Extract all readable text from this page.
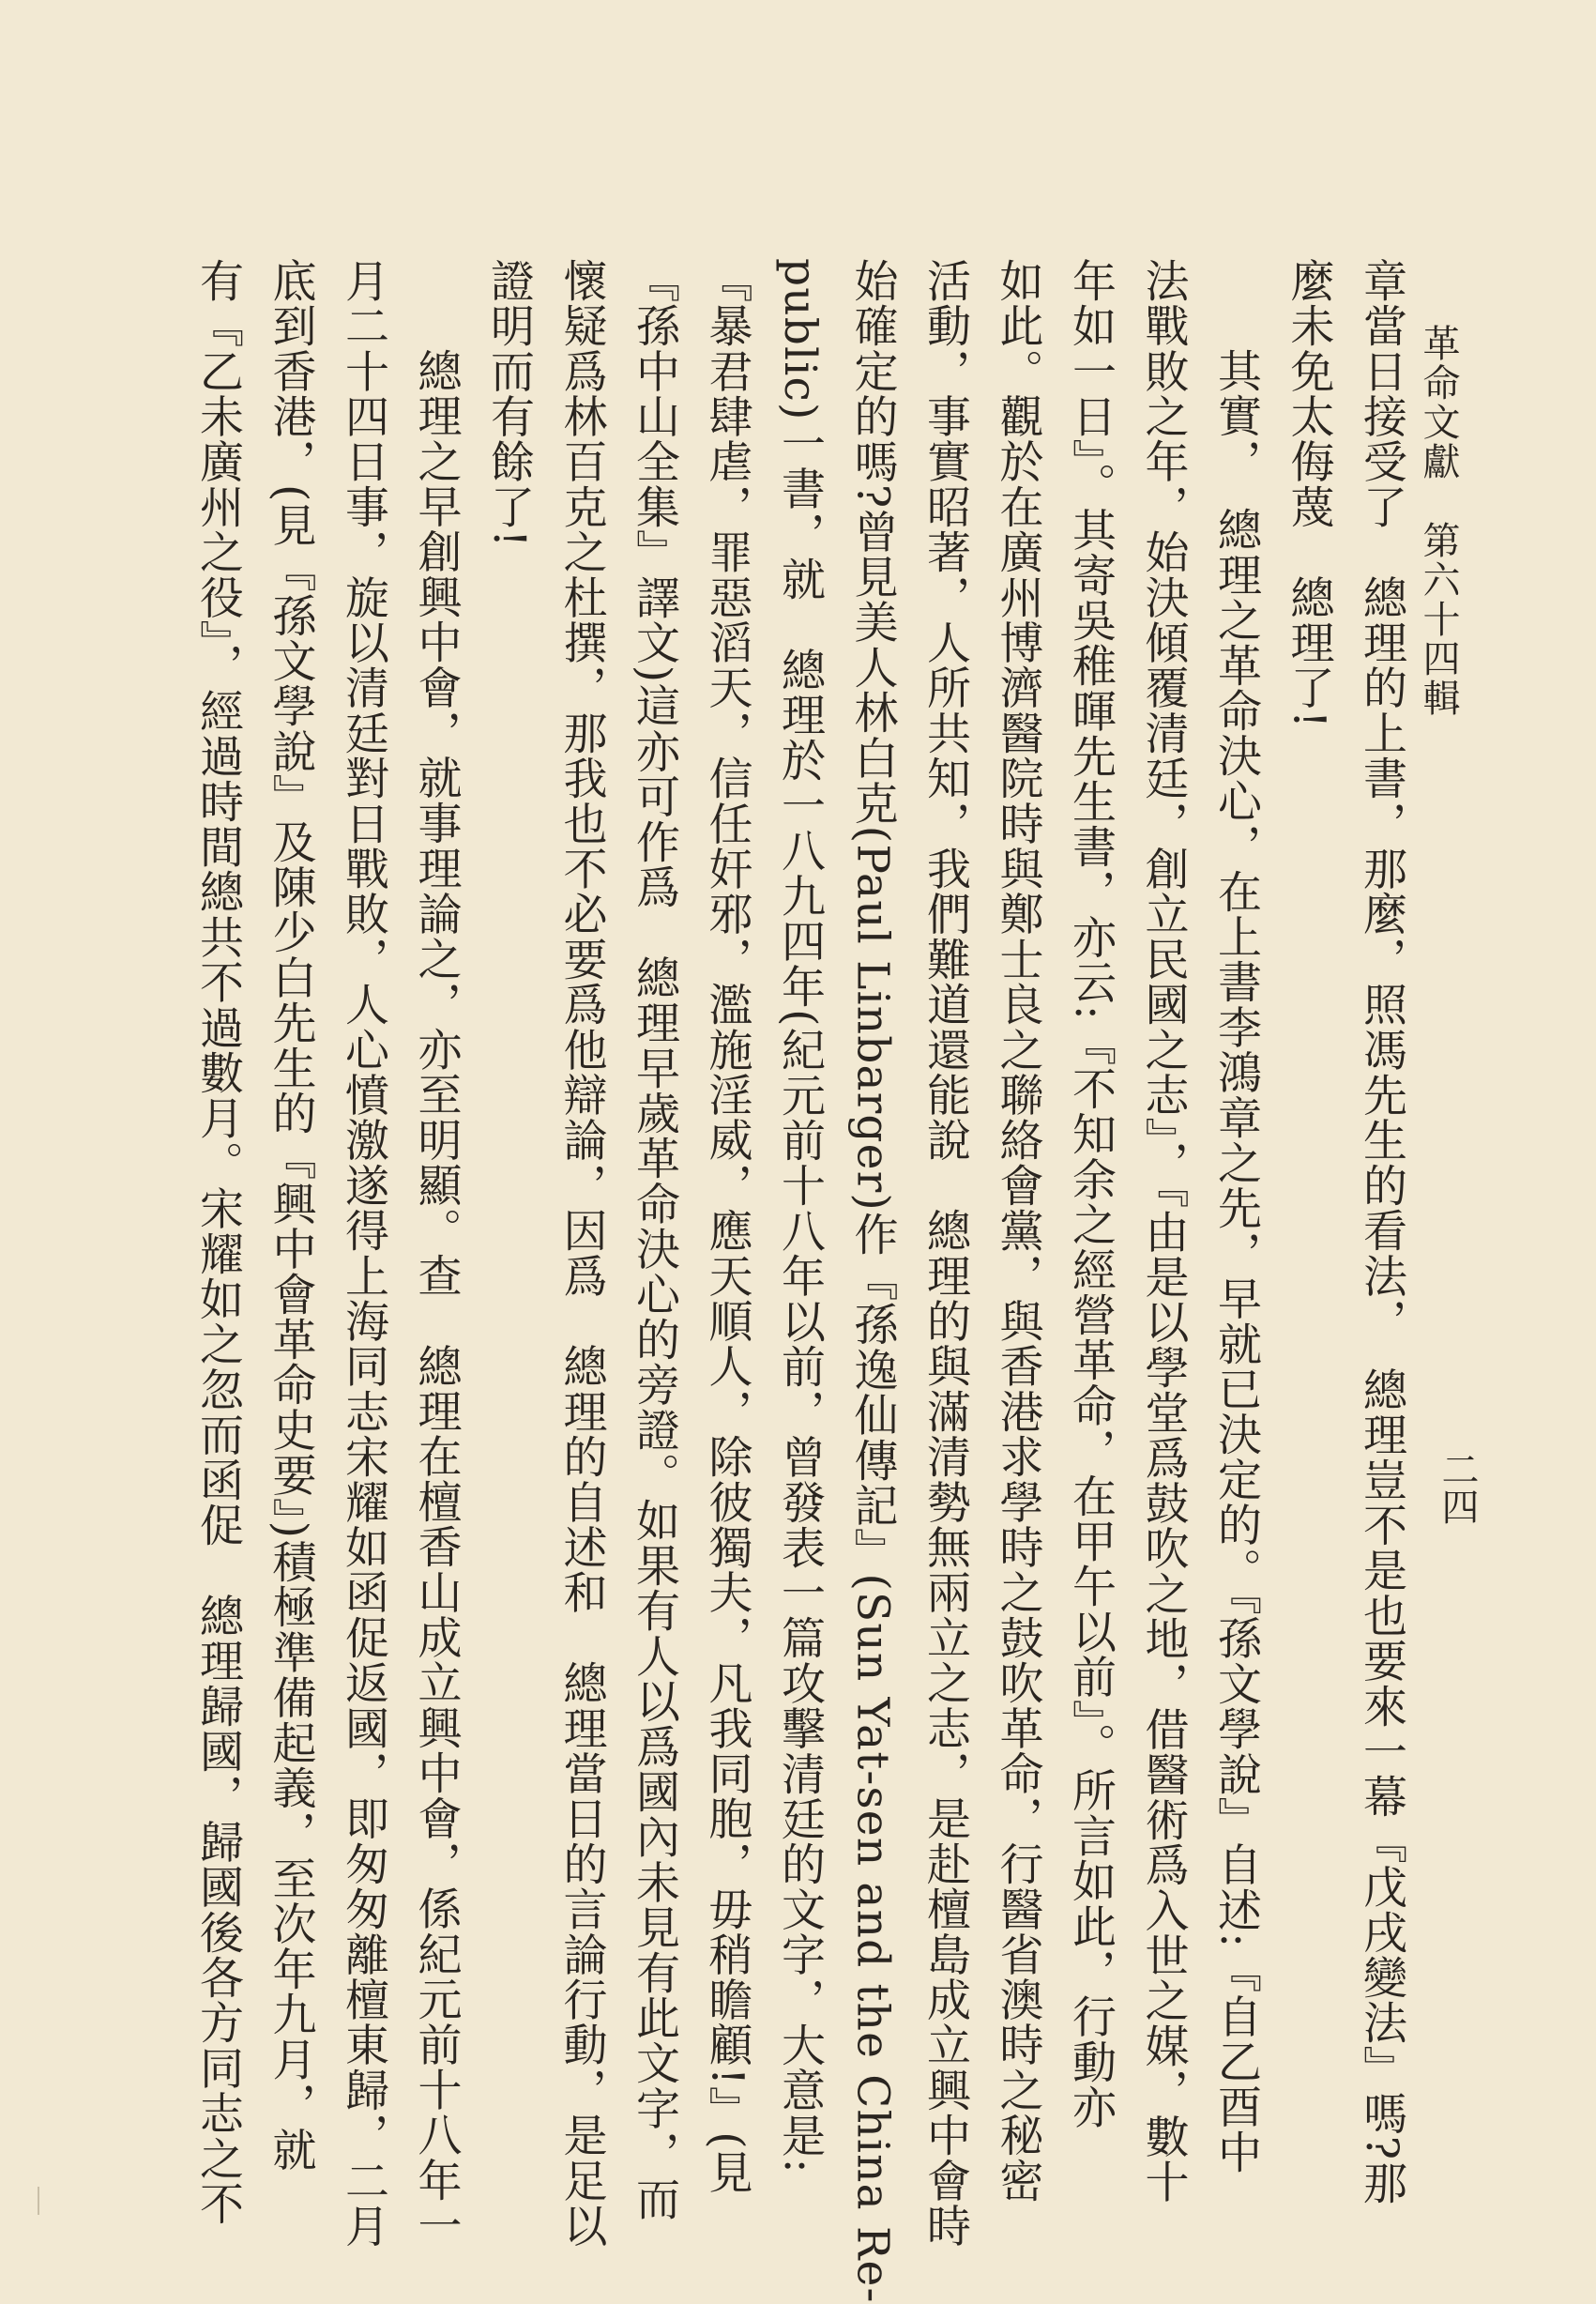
革命文獻　第六十四輯
二四

章當日接受了　總理的上書，那麼，照馮先生的看法，　總理豈不是也要來一幕『戊戌變法』嗎?那

麼未免太侮蔑　總理了!

其實，　總理之革命決心，在上書李鴻章之先，早就已決定的。『孫文學說』自述:『自乙酉中

法戰敗之年，始決傾覆清廷，創立民國之志』，『由是以學堂爲鼓吹之地，借醫術爲入世之媒，數十

年如一日』。其寄吳稚暉先生書，亦云:『不知余之經營革命，在甲午以前』。所言如此，行動亦

如此。觀於在廣州博濟醫院時與鄭士良之聯絡會黨，與香港求學時之鼓吹革命，行醫省澳時之秘密

活動，事實昭著，人所共知，我們難道還能說　總理的與滿清勢無兩立之志，是赴檀島成立興中會時

始確定的嗎?曾見美人林白克(Paul Linbarger)作『孫逸仙傳記』(Sun Yat-sen and the China Re-

public)一書，就　總理於一八九四年(紀元前十八年以前，曾發表一篇攻擊清廷的文字，大意是:

『暴君肆虐，罪惡滔天，信任奸邪，濫施淫威，應天順人，除彼獨夫，凡我同胞，毋稍瞻顧!』(見

『孫中山全集』譯文)這亦可作爲　總理早歲革命決心的旁證。如果有人以爲國內未見有此文字，而

懷疑爲林百克之杜撰，那我也不必要爲他辯論，因爲　總理的自述和　總理當日的言論行動，是足以

證明而有餘了!

總理之早創興中會，就事理論之，亦至明顯。查　總理在檀香山成立興中會，係紀元前十八年一

月二十四日事，旋以清廷對日戰敗，人心憤激遂得上海同志宋耀如函促返國，即匆匆離檀東歸，二月

底到香港，(見『孫文學說』及陳少白先生的『興中會革命史要』)積極準備起義，至次年九月，就

有『乙未廣州之役』，經過時間總共不過數月。宋耀如之忽而函促　總理歸國，歸國後各方同志之不
